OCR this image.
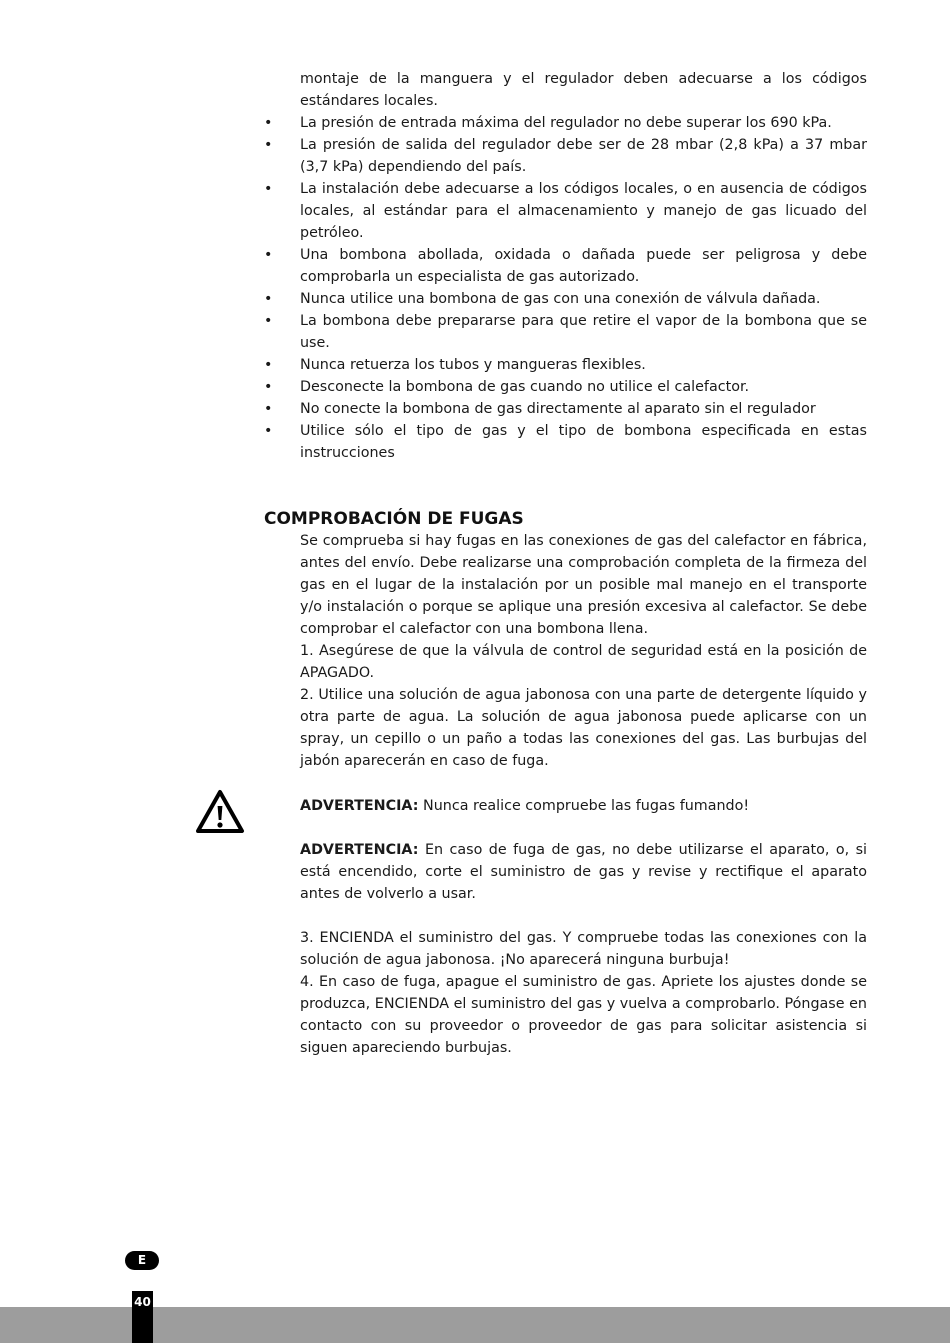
montaje de la manguera y el regulador deben adecuarse a los códigos estándares locales.
• La presión de entrada máxima del regulador no debe superar los 690 kPa.
• La presión de salida del regulador debe ser de 28 mbar (2,8 kPa) a 37 mbar (3,7 kPa) dependiendo del país.
• La instalación debe adecuarse a los códigos locales, o en ausencia de códigos locales, al estándar para el almacenamiento y manejo de gas licuado del petróleo.
• Una bombona abollada, oxidada o dañada puede ser peligrosa y debe comprobarla un especialista de gas autorizado.
• Nunca utilice una bombona de gas con una conexión de válvula dañada.
• La bombona debe prepararse para que retire el vapor de la bombona que se use.
• Nunca retuerza los tubos y mangueras flexibles.
• Desconecte la bombona de gas cuando no utilice el calefactor.
• No conecte la bombona de gas directamente al aparato sin el regulador
• Utilice sólo el tipo de gas y el tipo de bombona especificada en estas instrucciones
COMPROBACIÓN DE FUGAS

Se comprueba si hay fugas en las conexiones de gas del calefactor en fábrica, antes del envío. Debe realizarse una comprobación completa de la firmeza del gas en el lugar de la instalación por un posible mal manejo en el transporte y/o instalación o porque se aplique una presión excesiva al calefactor. Se debe comprobar el calefactor con una bombona llena.

1. Asegúrese de que la válvula de control de seguridad está en la posición de APAGADO.

2. Utilice una solución de agua jabonosa con una parte de detergente líquido y otra parte de agua. La solución de agua jabonosa puede aplicarse con un spray, un cepillo o un paño a todas las conexiones del gas. Las burbujas del jabón aparecerán en caso de fuga.

ADVERTENCIA: Nunca realice compruebe las fugas fumando!

ADVERTENCIA: En caso de fuga de gas, no debe utilizarse el aparato, o, si está encendido, corte el suministro de gas y revise y rectifique el aparato antes de volverlo a usar.

3. ENCIENDA el suministro del gas. Y compruebe todas las conexiones con la solución de agua jabonosa. ¡No aparecerá ninguna burbuja!

4. En caso de fuga, apague el suministro de gas. Apriete los ajustes donde se produzca, ENCIENDA el suministro del gas y vuelva a comprobarlo. Póngase en contacto con su proveedor o proveedor de gas para solicitar asistencia si siguen apareciendo burbujas.

E
40
